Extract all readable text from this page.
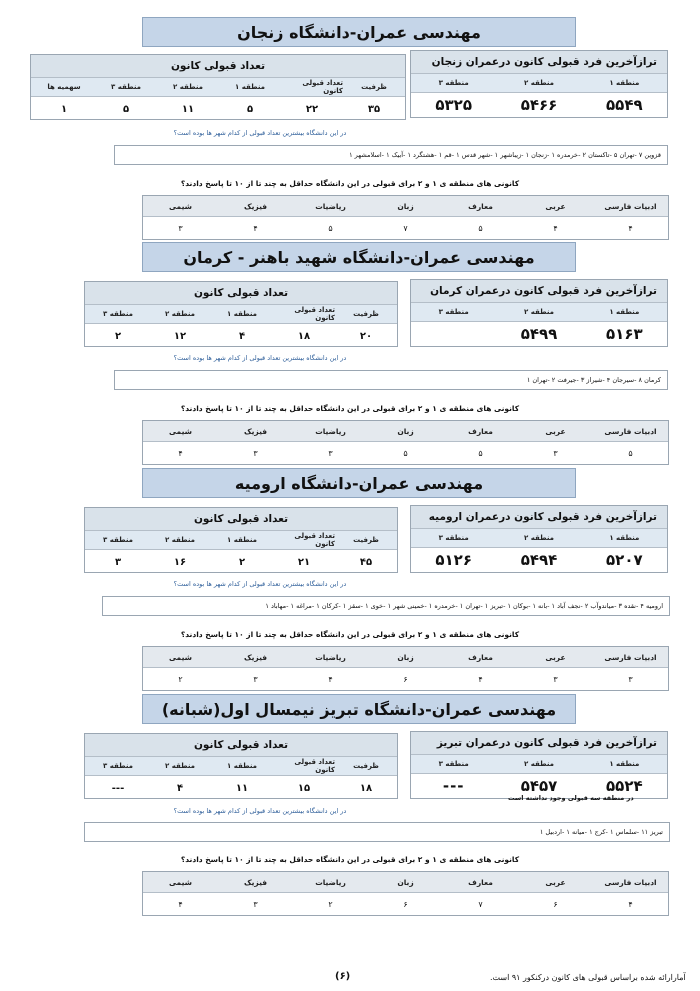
مهندسی عمران-دانشگاه زنجان
ترازآخرین فرد قبولی کانون درعمران زنجان
منطقه ۱
منطقه ۲
منطقه ۳
۵۵۴۹
۵۴۶۶
۵۳۲۵
تعداد قبولی کانون
ظرفیت
تعداد قبولی کانون
منطقه ۱
منطقه ۲
منطقه ۳
سهمیه ها
۳۵
۲۲
۵
۱۱
۵
۱
در این دانشگاه بیشترین تعداد قبولی از کدام شهر ها بوده است؟
قزوین ۷ -تهران ۵ -تاکستان ۲ -خرمدره ۱ -زنجان ۱ -زیباشهر ۱ -شهر قدس ۱ -قم ۱ -هشتگرد ۱ -آبیک ۱ -اسلامشهر ۱
کانونی های منطقه ی ۱ و ۲ برای قبولی در این دانشگاه حداقل به چند تا از ۱۰ تا پاسخ دادند؟
ادبیات فارسی
عربی
معارف
زبان
ریاضیات
فیزیک
شیمی
۴
۴
۵
۷
۵
۴
۳
مهندسی عمران-دانشگاه شهید باهنر - کرمان
ترازآخرین فرد قبولی کانون درعمران کرمان
منطقه ۱
منطقه ۲
منطقه ۳
۵۱۶۳
۵۴۹۹
تعداد قبولی کانون
ظرفیت
تعداد قبولی کانون
منطقه ۱
منطقه ۲
منطقه ۳
۲۰
۱۸
۴
۱۲
۲
در این دانشگاه بیشترین تعداد قبولی از کدام شهر ها بوده است؟
کرمان ۸ -سیرجان ۴ -شیراز ۳ -جیرفت ۲ -تهران ۱
کانونی های منطقه ی ۱ و ۲ برای قبولی در این دانشگاه حداقل به چند تا از ۱۰ تا پاسخ دادند؟
ادبیات فارسی
عربی
معارف
زبان
ریاضیات
فیزیک
شیمی
۵
۳
۵
۵
۳
۳
۴
مهندسی عمران-دانشگاه ارومیه
ترازآخرین فرد قبولی کانون درعمران ارومیه
منطقه ۱
منطقه ۲
منطقه ۳
۵۲۰۷
۵۴۹۴
۵۱۲۶
تعداد قبولی کانون
ظرفیت
تعداد قبولی کانون
منطقه ۱
منطقه ۲
منطقه ۳
۴۵
۲۱
۲
۱۶
۳
در این دانشگاه بیشترین تعداد قبولی از کدام شهر ها بوده است؟
ارومیه ۴ -نقده ۳ -میاندوآب ۲ -نجف آباد ۱ -بانه ۱ -بوکان ۱ -تبریز ۱ -تهران ۱ -خرمدره ۱ -خمینی شهر ۱ -خوی ۱ -سقز ۱ -کرکان ۱ -مراغه ۱ -مهاباد ۱
کانونی های منطقه ی ۱ و ۲ برای قبولی در این دانشگاه حداقل به چند تا از ۱۰ تا پاسخ دادند؟
ادبیات فارسی
عربی
معارف
زبان
ریاضیات
فیزیک
شیمی
۳
۳
۴
۶
۴
۳
۲
مهندسی عمران-دانشگاه تبریز نیمسال اول(شبانه)
ترازآخرین فرد قبولی کانون درعمران تبریز
منطقه ۱
منطقه ۲
منطقه ۳
۵۵۲۴
۵۴۵۷
---
در منطقه سه قبولی وجود نداشته است
تعداد قبولی کانون
ظرفیت
تعداد قبولی کانون
منطقه ۱
منطقه ۲
منطقه ۳
۱۸
۱۵
۱۱
۴
---
در این دانشگاه بیشترین تعداد قبولی از کدام شهر ها بوده است؟
تبریز ۱۱ -سلماس ۱ -کرج ۱ -میانه ۱ -اردبیل ۱
کانونی های منطقه ی ۱ و ۲ برای قبولی در این دانشگاه حداقل به چند تا از ۱۰ تا پاسخ دادند؟
ادبیات فارسی
عربی
معارف
زبان
ریاضیات
فیزیک
شیمی
۴
۶
۷
۶
۲
۳
۴
(۶)	آمارارائه شده براساس قبولی های کانون درکنکور ۹۱ است.
